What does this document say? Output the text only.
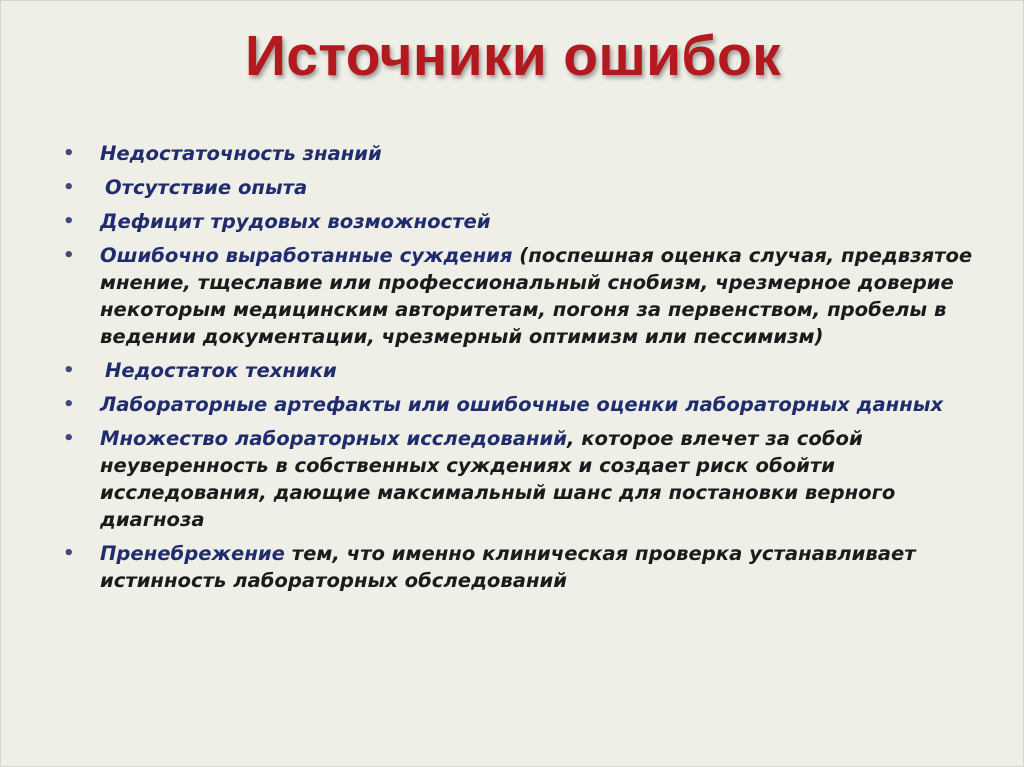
Источники ошибок
• Недостаточность знаний
• Отсутствие опыта
• Дефицит трудовых возможностей
• Ошибочно выработанные суждения (поспешная оценка случая, предвзятое мнение, тщеславие или профессиональный снобизм, чрезмерное доверие некоторым медицинским авторитетам, погоня за первенством, пробелы в ведении документации, чрезмерный оптимизм или пессимизм)
• Недостаток техники
• Лабораторные артефакты или ошибочные оценки лабораторных данных
• Множество лабораторных исследований, которое влечет за собой неуверенность в собственных суждениях и создает риск обойти исследования, дающие максимальный шанс для постановки верного диагноза
• Пренебрежение тем, что именно клиническая проверка устанавливает истинность лабораторных обследований
